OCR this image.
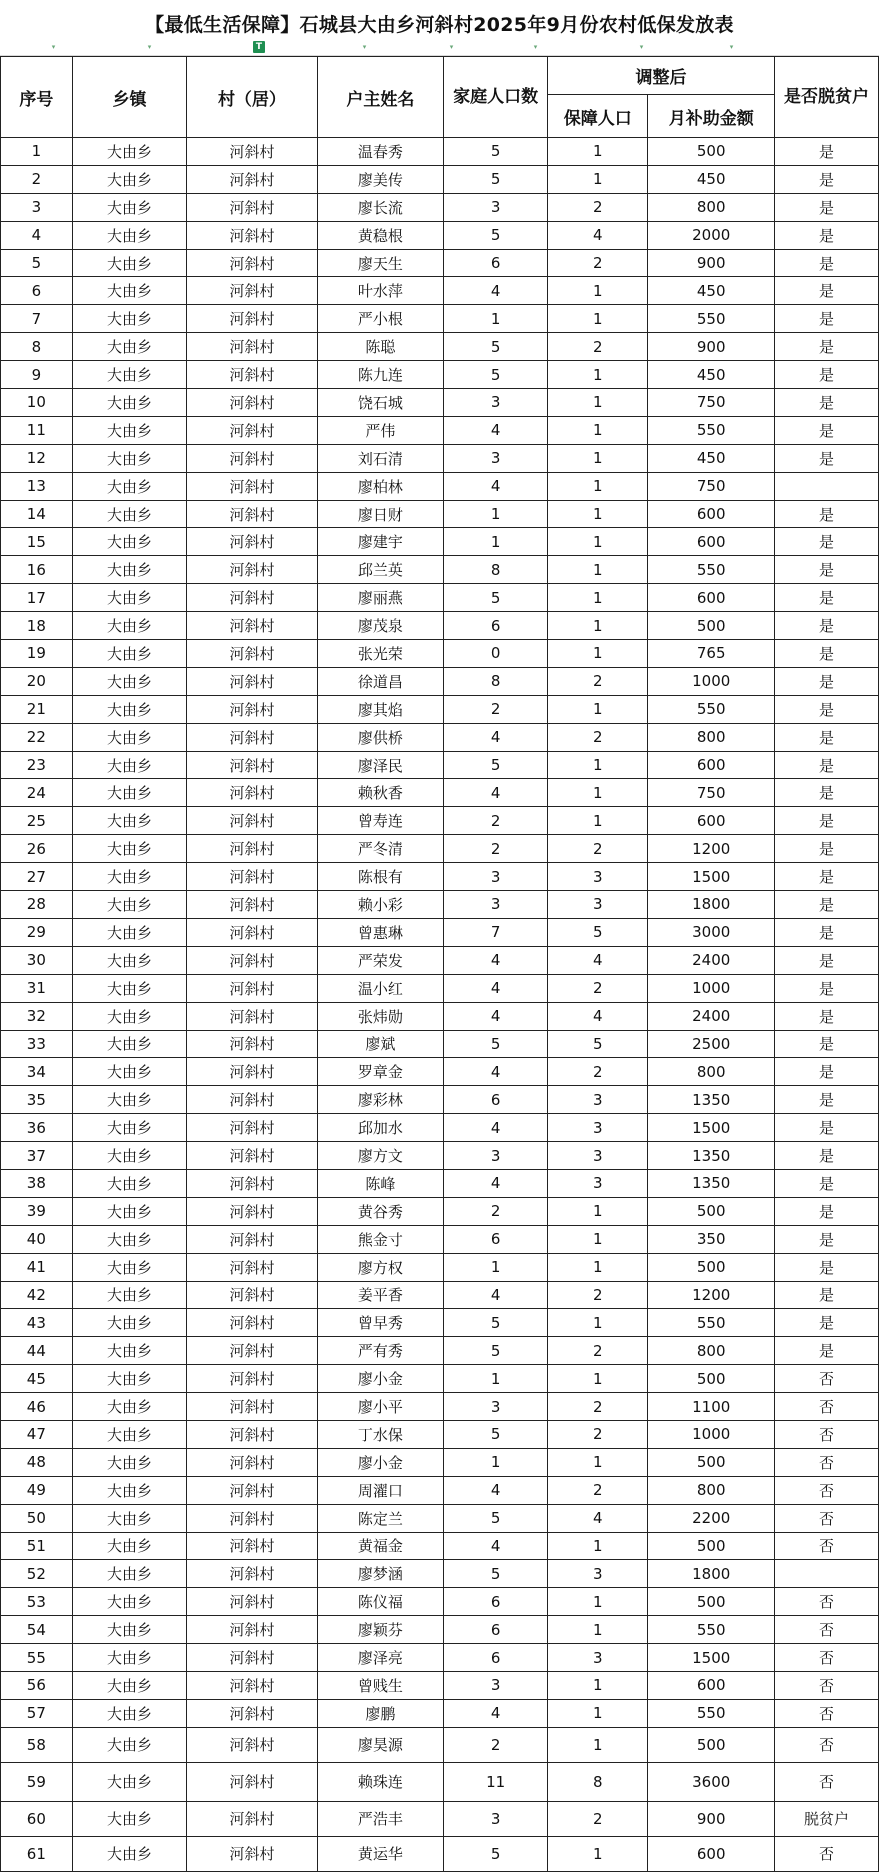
【最低生活保障】石城县大由乡河斜村2025年9月份农村低保发放表
▾	▾	T	▾	▾	▾	▾	▾
序号	乡镇	村（居）	户主姓名	家庭人口数	调整后		是否脱贫户
					保障人口	月补助金额	
1	大由乡	河斜村	温春秀	5	1	500	是
2	大由乡	河斜村	廖美传	5	1	450	是
3	大由乡	河斜村	廖长流	3	2	800	是
4	大由乡	河斜村	黄稳根	5	4	2000	是
5	大由乡	河斜村	廖天生	6	2	900	是
6	大由乡	河斜村	叶水萍	4	1	450	是
7	大由乡	河斜村	严小根	1	1	550	是
8	大由乡	河斜村	陈聪	5	2	900	是
9	大由乡	河斜村	陈九连	5	1	450	是
10	大由乡	河斜村	饶石城	3	1	750	是
11	大由乡	河斜村	严伟	4	1	550	是
12	大由乡	河斜村	刘石清	3	1	450	是
13	大由乡	河斜村	廖柏林	4	1	750	
14	大由乡	河斜村	廖日财	1	1	600	是
15	大由乡	河斜村	廖建宇	1	1	600	是
16	大由乡	河斜村	邱兰英	8	1	550	是
17	大由乡	河斜村	廖丽燕	5	1	600	是
18	大由乡	河斜村	廖茂泉	6	1	500	是
19	大由乡	河斜村	张光荣	0	1	765	是
20	大由乡	河斜村	徐道昌	8	2	1000	是
21	大由乡	河斜村	廖其焰	2	1	550	是
22	大由乡	河斜村	廖供桥	4	2	800	是
23	大由乡	河斜村	廖泽民	5	1	600	是
24	大由乡	河斜村	赖秋香	4	1	750	是
25	大由乡	河斜村	曾寿连	2	1	600	是
26	大由乡	河斜村	严冬清	2	2	1200	是
27	大由乡	河斜村	陈根有	3	3	1500	是
28	大由乡	河斜村	赖小彩	3	3	1800	是
29	大由乡	河斜村	曾惠琳	7	5	3000	是
30	大由乡	河斜村	严荣发	4	4	2400	是
31	大由乡	河斜村	温小红	4	2	1000	是
32	大由乡	河斜村	张炜勋	4	4	2400	是
33	大由乡	河斜村	廖斌	5	5	2500	是
34	大由乡	河斜村	罗章金	4	2	800	是
35	大由乡	河斜村	廖彩林	6	3	1350	是
36	大由乡	河斜村	邱加水	4	3	1500	是
37	大由乡	河斜村	廖方文	3	3	1350	是
38	大由乡	河斜村	陈峰	4	3	1350	是
39	大由乡	河斜村	黄谷秀	2	1	500	是
40	大由乡	河斜村	熊金寸	6	1	350	是
41	大由乡	河斜村	廖方权	1	1	500	是
42	大由乡	河斜村	姜平香	4	2	1200	是
43	大由乡	河斜村	曾早秀	5	1	550	是
44	大由乡	河斜村	严有秀	5	2	800	是
45	大由乡	河斜村	廖小金	1	1	500	否
46	大由乡	河斜村	廖小平	3	2	1100	否
47	大由乡	河斜村	丁水保	5	2	1000	否
48	大由乡	河斜村	廖小金	1	1	500	否
49	大由乡	河斜村	周濯口	4	2	800	否
50	大由乡	河斜村	陈定兰	5	4	2200	否
51	大由乡	河斜村	黄福金	4	1	500	否
52	大由乡	河斜村	廖梦涵	5	3	1800	
53	大由乡	河斜村	陈仪福	6	1	500	否
54	大由乡	河斜村	廖颖芬	6	1	550	否
55	大由乡	河斜村	廖泽亮	6	3	1500	否
56	大由乡	河斜村	曾贱生	3	1	600	否
57	大由乡	河斜村	廖鹏	4	1	550	否
58	大由乡	河斜村	廖昊源	2	1	500	否
59	大由乡	河斜村	赖珠连	11	8	3600	否
60	大由乡	河斜村	严浩丰	3	2	900	脱贫户
61	大由乡	河斜村	黄运华	5	1	600	否
